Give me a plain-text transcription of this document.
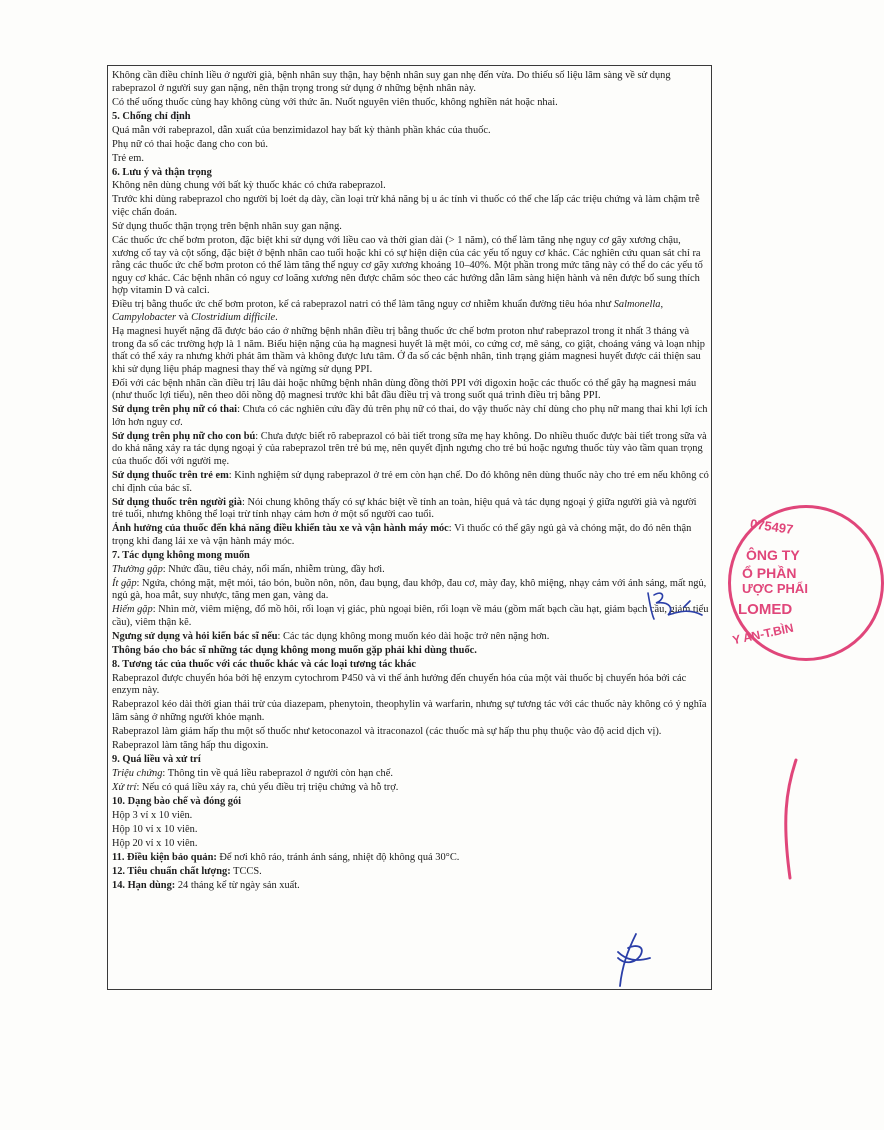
Không cần điều chỉnh liều ở người già, bệnh nhân suy thận, hay bệnh nhân suy gan nhẹ đến vừa. Do thiếu số liệu lâm sàng về sử dụng rabeprazol ở người suy gan nặng, nên thận trọng trong sử dụng ở những bệnh nhân này.

Có thể uống thuốc cùng hay không cùng với thức ăn. Nuốt nguyên viên thuốc, không nghiền nát hoặc nhai.

5. Chống chỉ định

Quá mẫn với rabeprazol, dẫn xuất của benzimidazol hay bất kỳ thành phần khác của thuốc.

Phụ nữ có thai hoặc đang cho con bú.

Trẻ em.

6. Lưu ý và thận trọng

Không nên dùng chung với bất kỳ thuốc khác có chứa rabeprazol.

Trước khi dùng rabeprazol cho người bị loét dạ dày, cần loại trừ khả năng bị u ác tính vì thuốc có thể che lấp các triệu chứng và làm chậm trễ việc chẩn đoán.

Sử dụng thuốc thận trọng trên bệnh nhân suy gan nặng.

Các thuốc ức chế bơm proton, đặc biệt khi sử dụng với liều cao và thời gian dài (> 1 năm), có thể làm tăng nhẹ nguy cơ gãy xương chậu, xương cổ tay và cột sống, đặc biệt ở bệnh nhân cao tuổi hoặc khi có sự hiện diện của các yếu tố nguy cơ khác. Các nghiên cứu quan sát chỉ ra rằng các thuốc ức chế bơm proton có thể làm tăng thể nguy cơ gãy xương khoảng 10–40%. Một phần trong mức tăng này có thể do các yếu tố nguy cơ khác. Các bệnh nhân có nguy cơ loãng xương nên được chăm sóc theo các hướng dẫn lâm sàng hiện hành và nên được bổ sung thích hợp vitamin D và calci.

Điều trị bằng thuốc ức chế bơm proton, kể cả rabeprazol natri có thể làm tăng nguy cơ nhiễm khuẩn đường tiêu hóa như Salmonella, Campylobacter và Clostridium difficile.

Hạ magnesi huyết nặng đã được báo cáo ở những bệnh nhân điều trị bằng thuốc ức chế bơm proton như rabeprazol trong ít nhất 3 tháng và trong đa số các trường hợp là 1 năm. Biểu hiện nặng của hạ magnesi huyết là mệt mỏi, co cứng cơ, mê sảng, co giật, choáng váng và loạn nhịp thất có thể xảy ra nhưng khởi phát âm thầm và không được lưu tâm. Ở đa số các bệnh nhân, tình trạng giảm magnesi huyết được cải thiện sau khi sử dụng liệu pháp magnesi thay thế và ngừng sử dụng PPI.

Đối với các bệnh nhân cần điều trị lâu dài hoặc những bệnh nhân dùng đồng thời PPI với digoxin hoặc các thuốc có thể gây hạ magnesi máu (như thuốc lợi tiểu), nên theo dõi nồng độ magnesi trước khi bắt đầu điều trị và trong suốt quá trình điều trị bằng PPI.

Sử dụng trên phụ nữ có thai: Chưa có các nghiên cứu đầy đủ trên phụ nữ có thai, do vậy thuốc này chỉ dùng cho phụ nữ mang thai khi lợi ích lớn hơn nguy cơ.

Sử dụng trên phụ nữ cho con bú: Chưa được biết rõ rabeprazol có bài tiết trong sữa mẹ hay không. Do nhiều thuốc được bài tiết trong sữa và do khả năng xảy ra tác dụng ngoại ý của rabeprazol trên trẻ bú mẹ, nên quyết định ngưng cho trẻ bú hoặc ngưng thuốc tùy vào tầm quan trọng của thuốc đối với người mẹ.

Sử dụng thuốc trên trẻ em: Kinh nghiệm sử dụng rabeprazol ở trẻ em còn hạn chế. Do đó không nên dùng thuốc này cho trẻ em nếu không có chỉ định của bác sĩ.

Sử dụng thuốc trên người già: Nói chung không thấy có sự khác biệt về tính an toàn, hiệu quả và tác dụng ngoại ý giữa người già và người trẻ tuổi, nhưng không thể loại trừ tính nhạy cảm hơn ở một số người cao tuổi.

Ảnh hưởng của thuốc đến khả năng điều khiển tàu xe và vận hành máy móc: Vì thuốc có thể gây ngủ gà và chóng mặt, do đó nên thận trọng khi đang lái xe và vận hành máy móc.

7. Tác dụng không mong muốn

Thường gặp: Nhức đầu, tiêu chảy, nổi mẩn, nhiễm trùng, đầy hơi.

Ít gặp: Ngứa, chóng mặt, mệt mỏi, táo bón, buồn nôn, nôn, đau bụng, đau khớp, đau cơ, mày đay, khô miệng, nhạy cảm với ánh sáng, mất ngủ, ngủ gà, hoa mắt, suy nhược, tăng men gan, vàng da.

Hiếm gặp: Nhìn mờ, viêm miệng, đổ mồ hôi, rối loạn vị giác, phù ngoại biên, rối loạn về máu (gồm mất bạch cầu hạt, giảm bạch cầu, giảm tiểu cầu), viêm thận kẽ.

Ngưng sử dụng và hỏi kiến bác sĩ nếu: Các tác dụng không mong muốn kéo dài hoặc trở nên nặng hơn.

Thông báo cho bác sĩ những tác dụng không mong muốn gặp phải khi dùng thuốc.

8. Tương tác của thuốc với các thuốc khác và các loại tương tác khác

Rabeprazol được chuyển hóa bởi hệ enzym cytochrom P450 và vì thế ảnh hưởng đến chuyển hóa của một vài thuốc bị chuyển hóa bởi các enzym này.

Rabeprazol kéo dài thời gian thải trừ của diazepam, phenytoin, theophylin và warfarin, nhưng sự tương tác với các thuốc này không có ý nghĩa lâm sàng ở những người khỏe mạnh.

Rabeprazol làm giảm hấp thu một số thuốc như ketoconazol và itraconazol (các thuốc mà sự hấp thu phụ thuộc vào độ acid dịch vị).

Rabeprazol làm tăng hấp thu digoxin.

9. Quá liều và xử trí

Triệu chứng: Thông tin về quá liều rabeprazol ở người còn hạn chế.

Xử trí: Nếu có quá liều xảy ra, chủ yếu điều trị triệu chứng và hỗ trợ.

10. Dạng bào chế và đóng gói

Hộp 3 vỉ x 10 viên.

Hộp 10 vỉ x 10 viên.

Hộp 20 vỉ x 10 viên.

11. Điều kiện bảo quản: Để nơi khô ráo, tránh ánh sáng, nhiệt độ không quá 30°C.

12. Tiêu chuẩn chất lượng: TCCS.

14. Hạn dùng: 24 tháng kể từ ngày sản xuất.

075497
ÔNG TY
Ổ PHẦN
ƯỢC PHẨI
LOMED
Y AN-T.BÌN
